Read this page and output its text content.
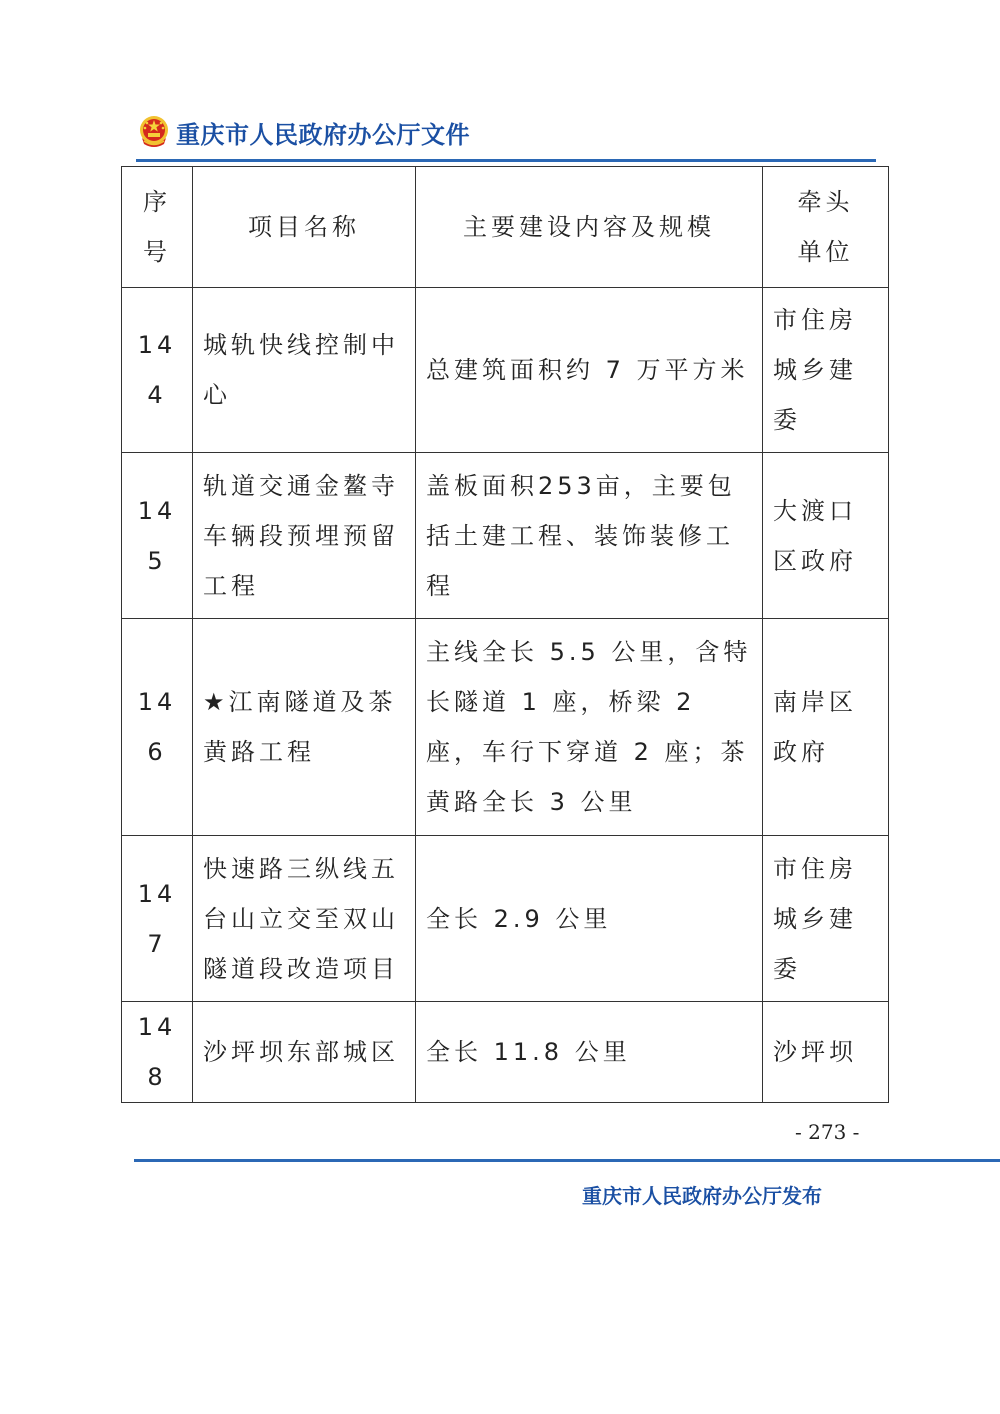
重庆市人民政府办公厅文件
序号	项目名称	主要建设内容及规模	牵头单位
144	城轨快线控制中心	总建筑面积约 7 万平方米	市住房城乡建委
145	轨道交通金鳌寺车辆段预埋预留工程	盖板面积253亩，主要包括土建工程、装饰装修工程	大渡口区政府
146	★江南隧道及茶黄路工程	主线全长 5.5 公里，含特长隧道 1 座，桥梁 2 座，车行下穿道 2 座；茶黄路全长 3 公里	南岸区政府
147	快速路三纵线五台山立交至双山隧道段改造项目	全长 2.9 公里	市住房城乡建委
148	沙坪坝东部城区	全长 11.8 公里	沙坪坝
- 273 -
重庆市人民政府办公厅发布
